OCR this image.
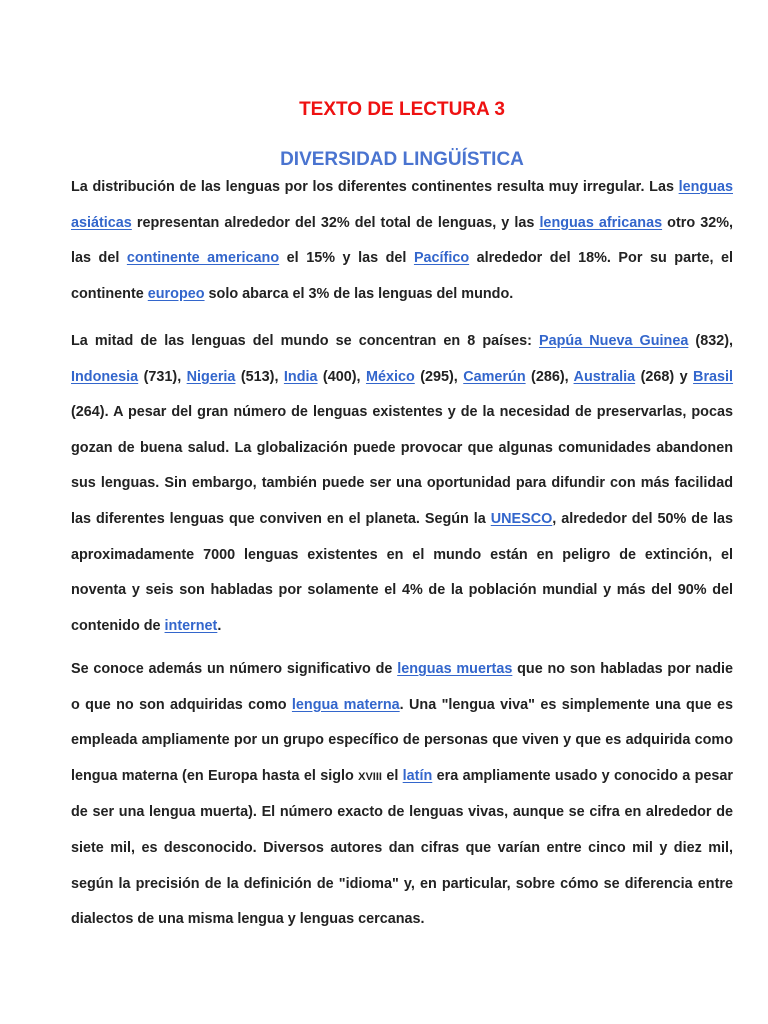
TEXTO DE LECTURA 3
DIVERSIDAD LINGÜÍSTICA

La distribución de las lenguas por los diferentes continentes resulta muy irregular. Las lenguas asiáticas representan alrededor del 32% del total de lenguas, y las lenguas africanas otro 32%, las del continente americano el 15% y las del Pacífico alrededor del 18%. Por su parte, el continente europeo solo abarca el 3% de las lenguas del mundo.

La mitad de las lenguas del mundo se concentran en 8 países: Papúa Nueva Guinea (832), Indonesia (731), Nigeria (513), India (400), México (295), Camerún (286), Australia (268) y Brasil (264). A pesar del gran número de lenguas existentes y de la necesidad de preservarlas, pocas gozan de buena salud. La globalización puede provocar que algunas comunidades abandonen sus lenguas. Sin embargo, también puede ser una oportunidad para difundir con más facilidad las diferentes lenguas que conviven en el planeta. Según la UNESCO, alrededor del 50% de las aproximadamente 7000 lenguas existentes en el mundo están en peligro de extinción, el noventa y seis son habladas por solamente el 4% de la población mundial y más del 90% del contenido de internet.

Se conoce además un número significativo de lenguas muertas que no son habladas por nadie o que no son adquiridas como lengua materna. Una "lengua viva" es simplemente una que es empleada ampliamente por un grupo específico de personas que viven y que es adquirida como lengua materna (en Europa hasta el siglo XVIII el latín era ampliamente usado y conocido a pesar de ser una lengua muerta). El número exacto de lenguas vivas, aunque se cifra en alrededor de siete mil, es desconocido. Diversos autores dan cifras que varían entre cinco mil y diez mil, según la precisión de la definición de "idioma" y, en particular, sobre cómo se diferencia entre dialectos de una misma lengua y lenguas cercanas.
